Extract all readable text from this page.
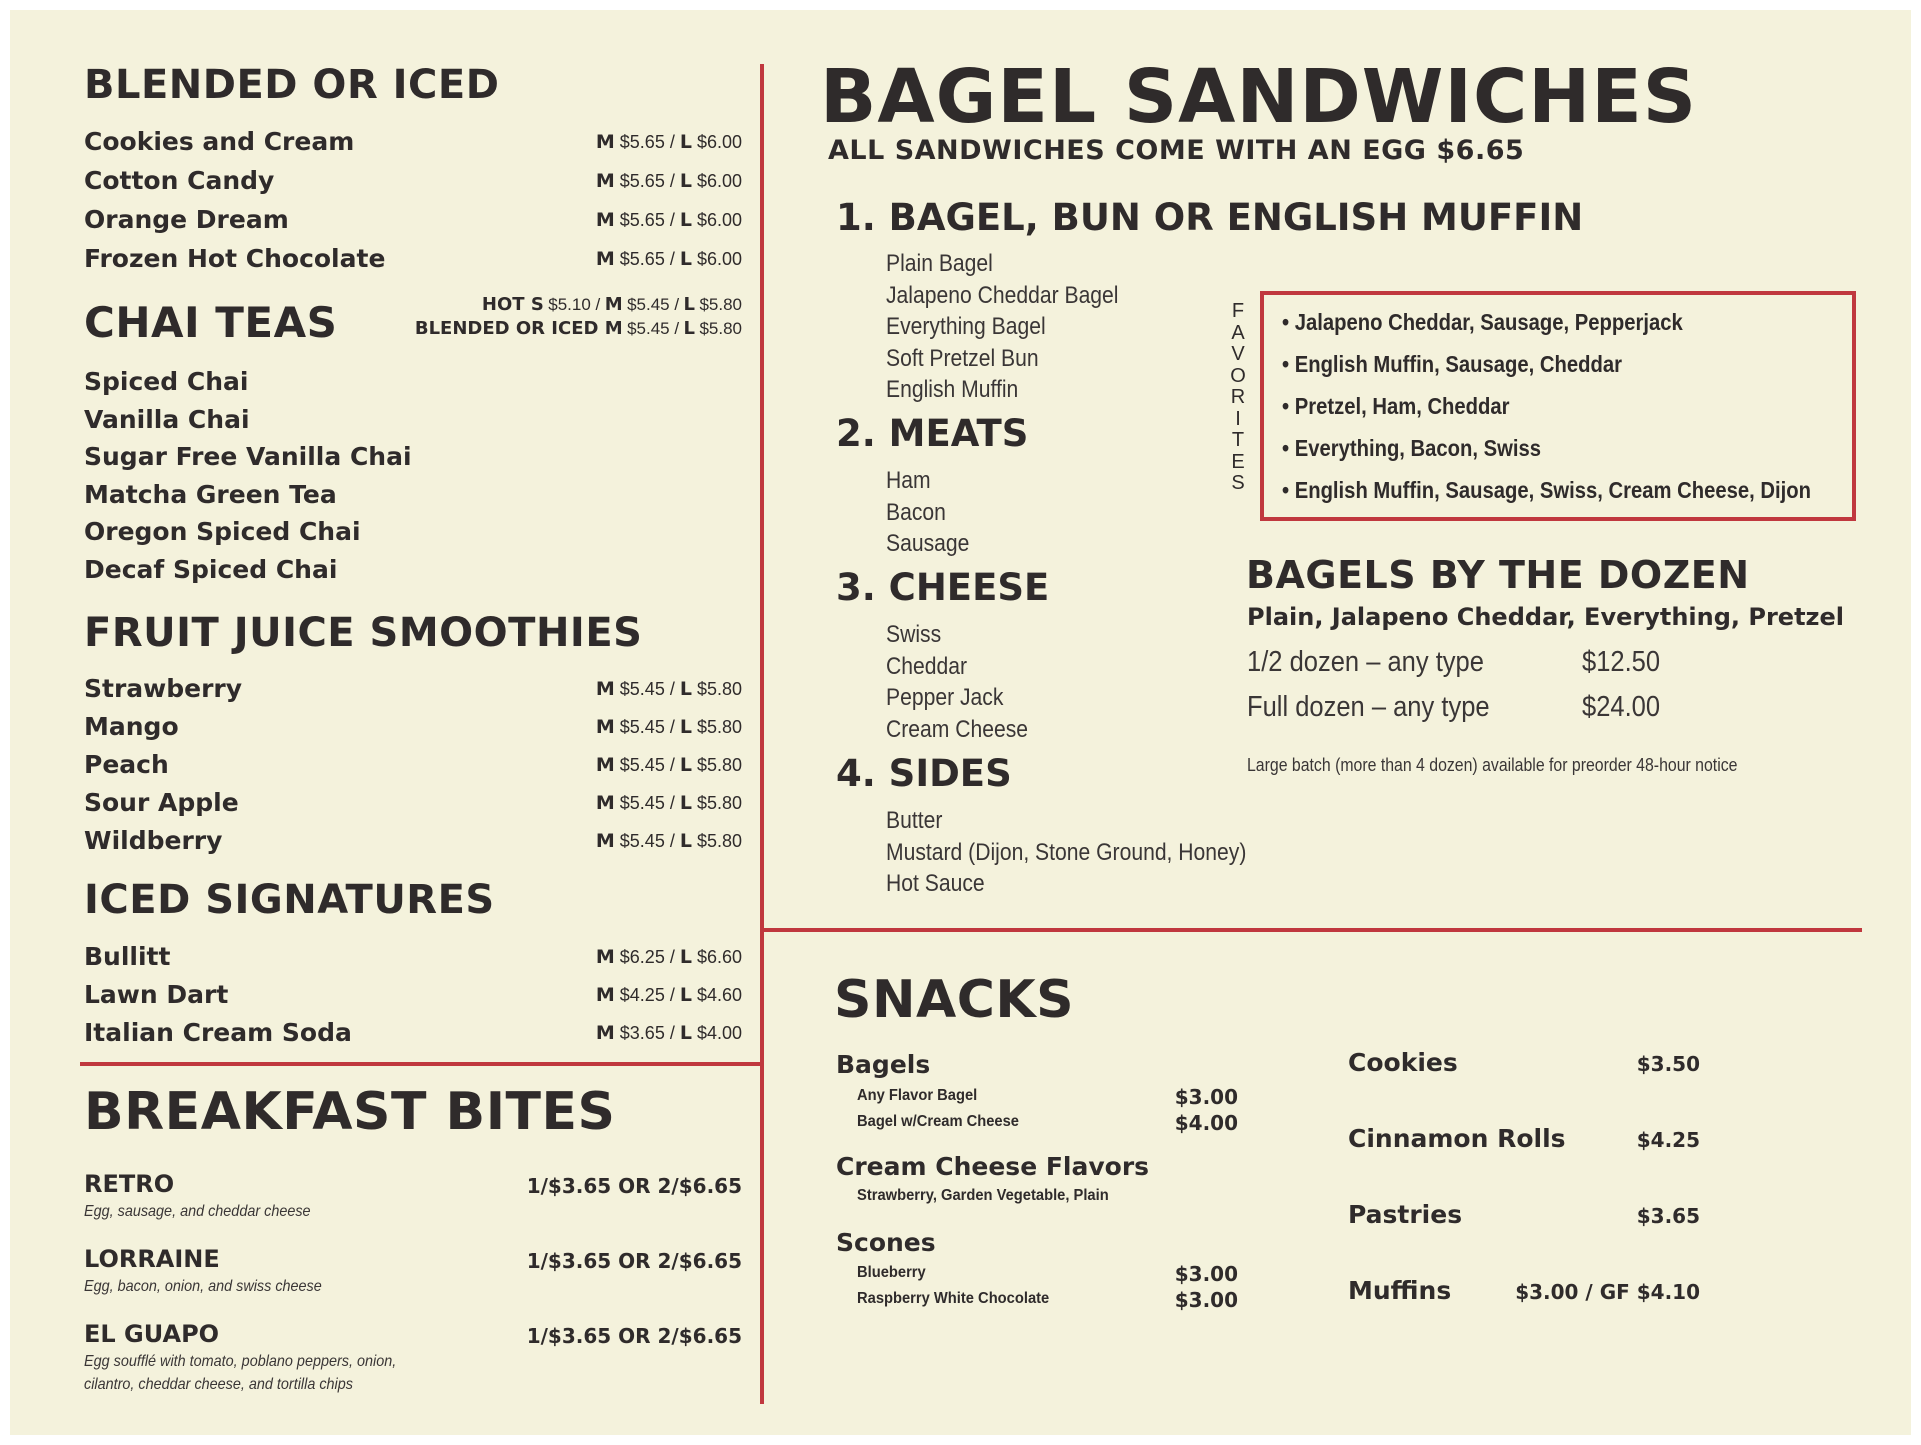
BLENDED OR ICED
Cookies and Cream	M $5.65 / L $6.00
Cotton Candy	M $5.65 / L $6.00
Orange Dream	M $5.65 / L $6.00
Frozen Hot Chocolate	M $5.65 / L $6.00
CHAI TEAS	HOT S $5.10 / M $5.45 / L $5.80
BLENDED OR ICED M $5.45 / L $5.80
Spiced Chai
Vanilla Chai
Sugar Free Vanilla Chai
Matcha Green Tea
Oregon Spiced Chai
Decaf Spiced Chai
FRUIT JUICE SMOOTHIES
Strawberry	M $5.45 / L $5.80
Mango	M $5.45 / L $5.80
Peach	M $5.45 / L $5.80
Sour Apple	M $5.45 / L $5.80
Wildberry	M $5.45 / L $5.80
ICED SIGNATURES
Bullitt	M $6.25 / L $6.60
Lawn Dart	M $4.25 / L $4.60
Italian Cream Soda	M $3.65 / L $4.00
BREAKFAST BITES
RETRO	1/$3.65 OR 2/$6.65
Egg, sausage, and cheddar cheese
LORRAINE	1/$3.65 OR 2/$6.65
Egg, bacon, onion, and swiss cheese
EL GUAPO	1/$3.65 OR 2/$6.65
Egg soufflé with tomato, poblano peppers, onion,
cilantro, cheddar cheese, and tortilla chips
BAGEL SANDWICHES
ALL SANDWICHES COME WITH AN EGG $6.65
1. BAGEL, BUN OR ENGLISH MUFFIN
Plain Bagel
Jalapeno Cheddar Bagel
Everything Bagel
Soft Pretzel Bun
English Muffin
2. MEATS
Ham
Bacon
Sausage
3. CHEESE
Swiss
Cheddar
Pepper Jack
Cream Cheese
4. SIDES
Butter
Mustard (Dijon, Stone Ground, Honey)
Hot Sauce
F
A
V
O
R
I
T
E
S
• Jalapeno Cheddar, Sausage, Pepperjack
• English Muffin, Sausage, Cheddar
• Pretzel, Ham, Cheddar
• Everything, Bacon, Swiss
• English Muffin, Sausage, Swiss, Cream Cheese, Dijon
BAGELS BY THE DOZEN
Plain, Jalapeno Cheddar, Everything, Pretzel
1/2 dozen – any type	$12.50
Full dozen – any type	$24.00
Large batch (more than 4 dozen) available for preorder 48-hour notice
SNACKS
Bagels
Any Flavor Bagel	$3.00
Bagel w/Cream Cheese	$4.00
Cream Cheese Flavors
Strawberry, Garden Vegetable, Plain
Scones
Blueberry	$3.00
Raspberry White Chocolate	$3.00
Cookies	$3.50
Cinnamon Rolls	$4.25
Pastries	$3.65
Muffins	$3.00 / GF $4.10
